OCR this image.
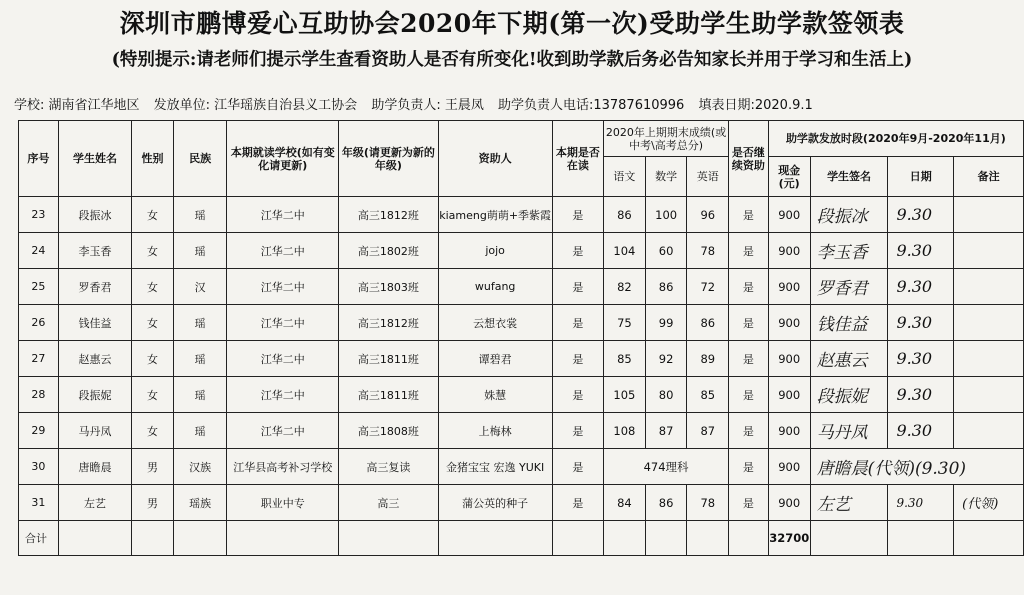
深圳市鹏博爱心互助协会2020年下期(第一次)受助学生助学款签领表
(特别提示:请老师们提示学生查看资助人是否有所变化!收到助学款后务必告知家长并用于学习和生活上)
学校: 湖南省江华地区 发放单位: 江华瑶族自治县义工协会 助学负责人: 王晨凤 助学负责人电话:13787610996 填表日期:2020.9.1
序号	学生姓名	性别	民族	本期就读学校(如有变化请更新)	年级(请更新为新的年级)	资助人	本期是否在读	2020年上期期末成绩(或中考\高考总分)			是否继续资助	助学款发放时段(2020年9月-2020年11月)			
								语文	数学	英语		现金(元)	学生签名	日期	备注
23	段振冰	女	瑶	江华二中	高三1812班	kiameng萌萌+季紫霞	是	86	100	96	是	900	段振冰	9.30	
24	李玉香	女	瑶	江华二中	高三1802班	jojo	是	104	60	78	是	900	李玉香	9.30	
25	罗香君	女	汉	江华二中	高三1803班	wufang	是	82	86	72	是	900	罗香君	9.30	
26	钱佳益	女	瑶	江华二中	高三1812班	云想衣裳	是	75	99	86	是	900	钱佳益	9.30	
27	赵惠云	女	瑶	江华二中	高三1811班	谭碧君	是	85	92	89	是	900	赵惠云	9.30	
28	段振妮	女	瑶	江华二中	高三1811班	姝慧	是	105	80	85	是	900	段振妮	9.30	
29	马丹凤	女	瑶	江华二中	高三1808班	上梅林	是	108	87	87	是	900	马丹凤	9.30	
30	唐瞻晨	男	汉族	江华县高考补习学校	高三复读	金猪宝宝 宏逸 YUKI	是	474理科			是	900	唐瞻晨(代领)(9.30)		
31	左艺	男	瑶族	职业中专	高三	蒲公英的种子	是	84	86	78	是	900	左艺	9.30	(代领)
合计												32700			
